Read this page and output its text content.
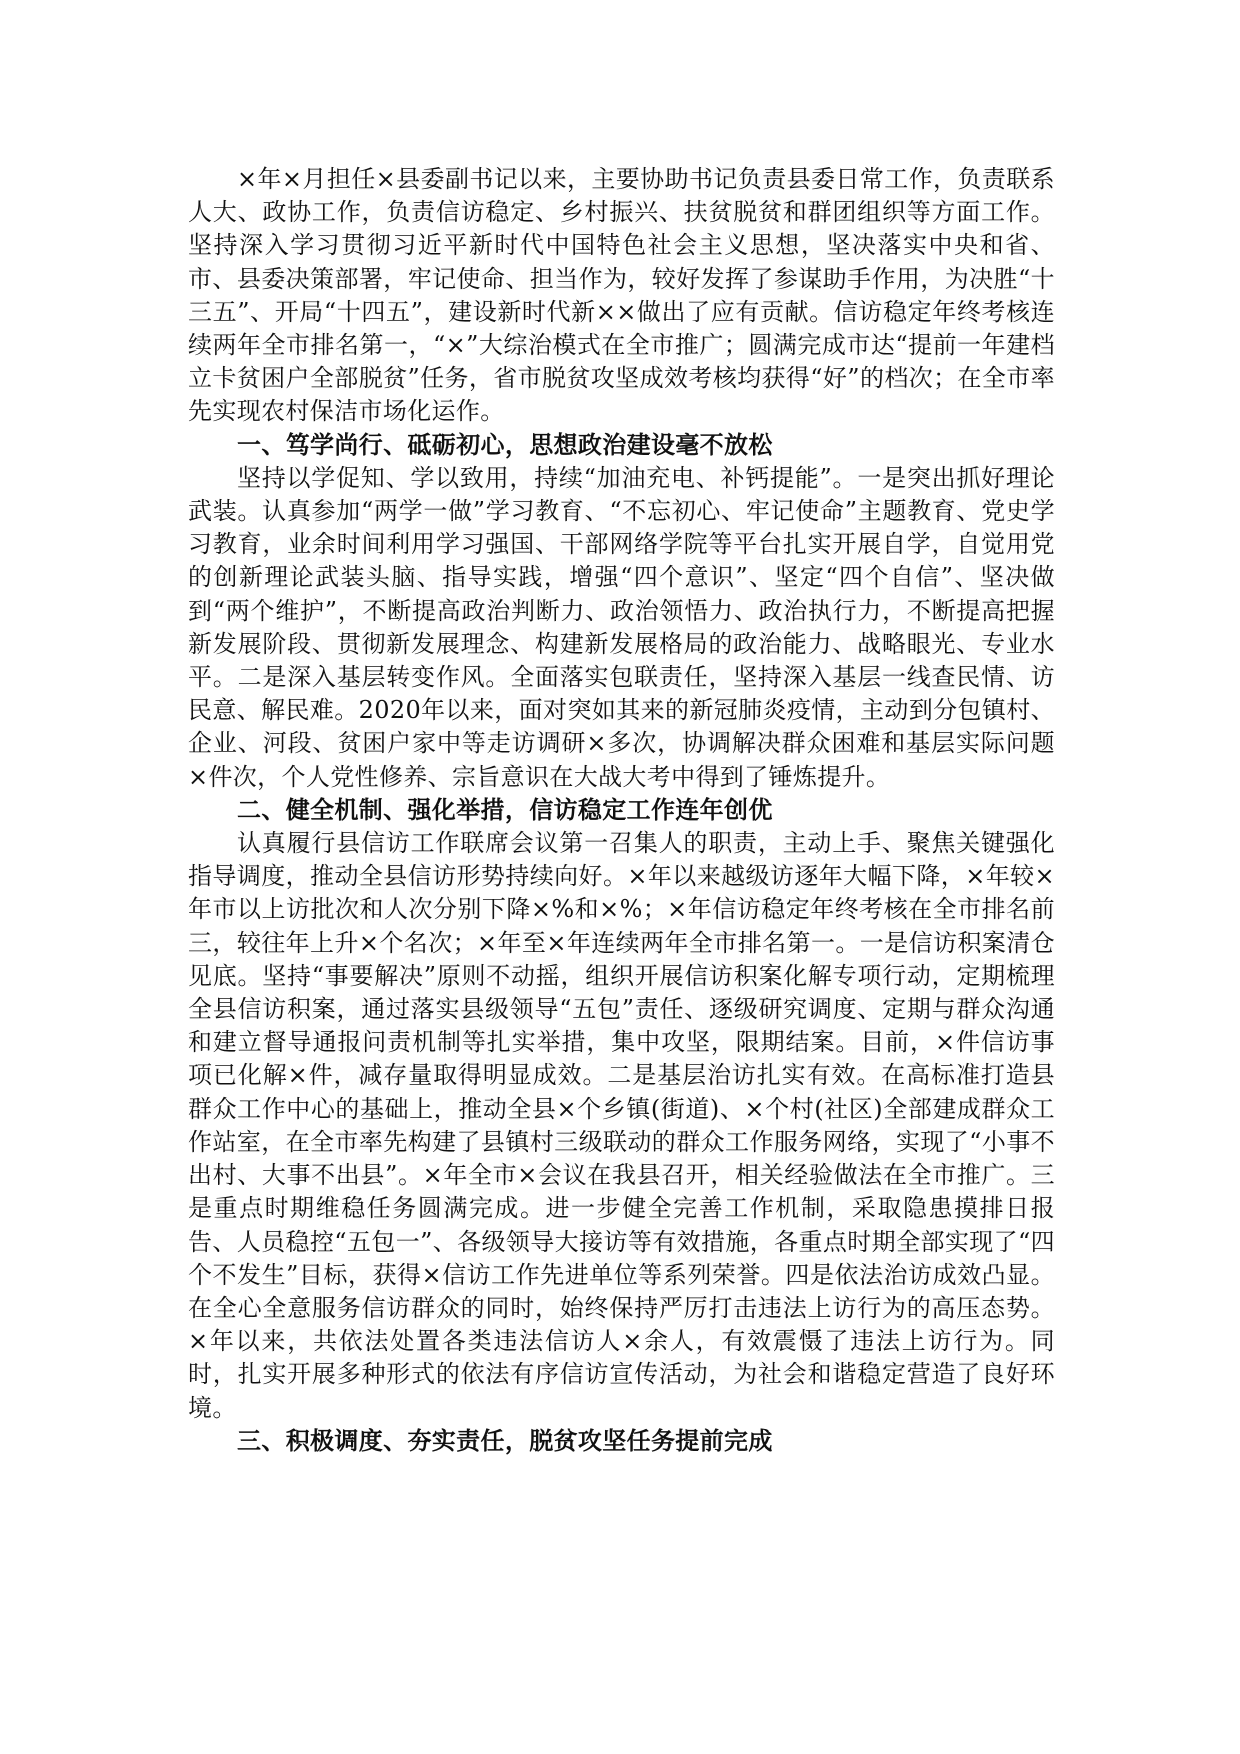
×年×月担任×县委副书记以来，主要协助书记负责县委日常工作，负责联系人大、政协工作，负责信访稳定、乡村振兴、扶贫脱贫和群团组织等方面工作。坚持深入学习贯彻习近平新时代中国特色社会主义思想，坚决落实中央和省、市、县委决策部署，牢记使命、担当作为，较好发挥了参谋助手作用，为决胜“十三五”、开局“十四五”，建设新时代新××做出了应有贡献。信访稳定年终考核连续两年全市排名第一，“×”大综治模式在全市推广；圆满完成市达“提前一年建档立卡贫困户全部脱贫”任务，省市脱贫攻坚成效考核均获得“好”的档次；在全市率先实现农村保洁市场化运作。

一、笃学尚行、砥砺初心，思想政治建设毫不放松

坚持以学促知、学以致用，持续“加油充电、补钙提能”。一是突出抓好理论武装。认真参加“两学一做”学习教育、“不忘初心、牢记使命”主题教育、党史学习教育，业余时间利用学习强国、干部网络学院等平台扎实开展自学，自觉用党的创新理论武装头脑、指导实践，增强“四个意识”、坚定“四个自信”、坚决做到“两个维护”，不断提高政治判断力、政治领悟力、政治执行力，不断提高把握新发展阶段、贯彻新发展理念、构建新发展格局的政治能力、战略眼光、专业水平。二是深入基层转变作风。全面落实包联责任，坚持深入基层一线查民情、访民意、解民难。2020年以来，面对突如其来的新冠肺炎疫情，主动到分包镇村、企业、河段、贫困户家中等走访调研×多次，协调解决群众困难和基层实际问题×件次，个人党性修养、宗旨意识在大战大考中得到了锤炼提升。

二、健全机制、强化举措，信访稳定工作连年创优

认真履行县信访工作联席会议第一召集人的职责，主动上手、聚焦关键强化指导调度，推动全县信访形势持续向好。×年以来越级访逐年大幅下降，×年较×年市以上访批次和人次分别下降×%和×%；×年信访稳定年终考核在全市排名前三，较往年上升×个名次；×年至×年连续两年全市排名第一。一是信访积案清仓见底。坚持“事要解决”原则不动摇，组织开展信访积案化解专项行动，定期梳理全县信访积案，通过落实县级领导“五包”责任、逐级研究调度、定期与群众沟通和建立督导通报问责机制等扎实举措，集中攻坚，限期结案。目前，×件信访事项已化解×件，减存量取得明显成效。二是基层治访扎实有效。在高标准打造县群众工作中心的基础上，推动全县×个乡镇(街道)、×个村(社区)全部建成群众工作站室，在全市率先构建了县镇村三级联动的群众工作服务网络，实现了“小事不出村、大事不出县”。×年全市×会议在我县召开，相关经验做法在全市推广。三是重点时期维稳任务圆满完成。进一步健全完善工作机制，采取隐患摸排日报告、人员稳控“五包一”、各级领导大接访等有效措施，各重点时期全部实现了“四个不发生”目标，获得×信访工作先进单位等系列荣誉。四是依法治访成效凸显。在全心全意服务信访群众的同时，始终保持严厉打击违法上访行为的高压态势。×年以来，共依法处置各类违法信访人×余人，有效震慑了违法上访行为。同时，扎实开展多种形式的依法有序信访宣传活动，为社会和谐稳定营造了良好环境。

三、积极调度、夯实责任，脱贫攻坚任务提前完成
